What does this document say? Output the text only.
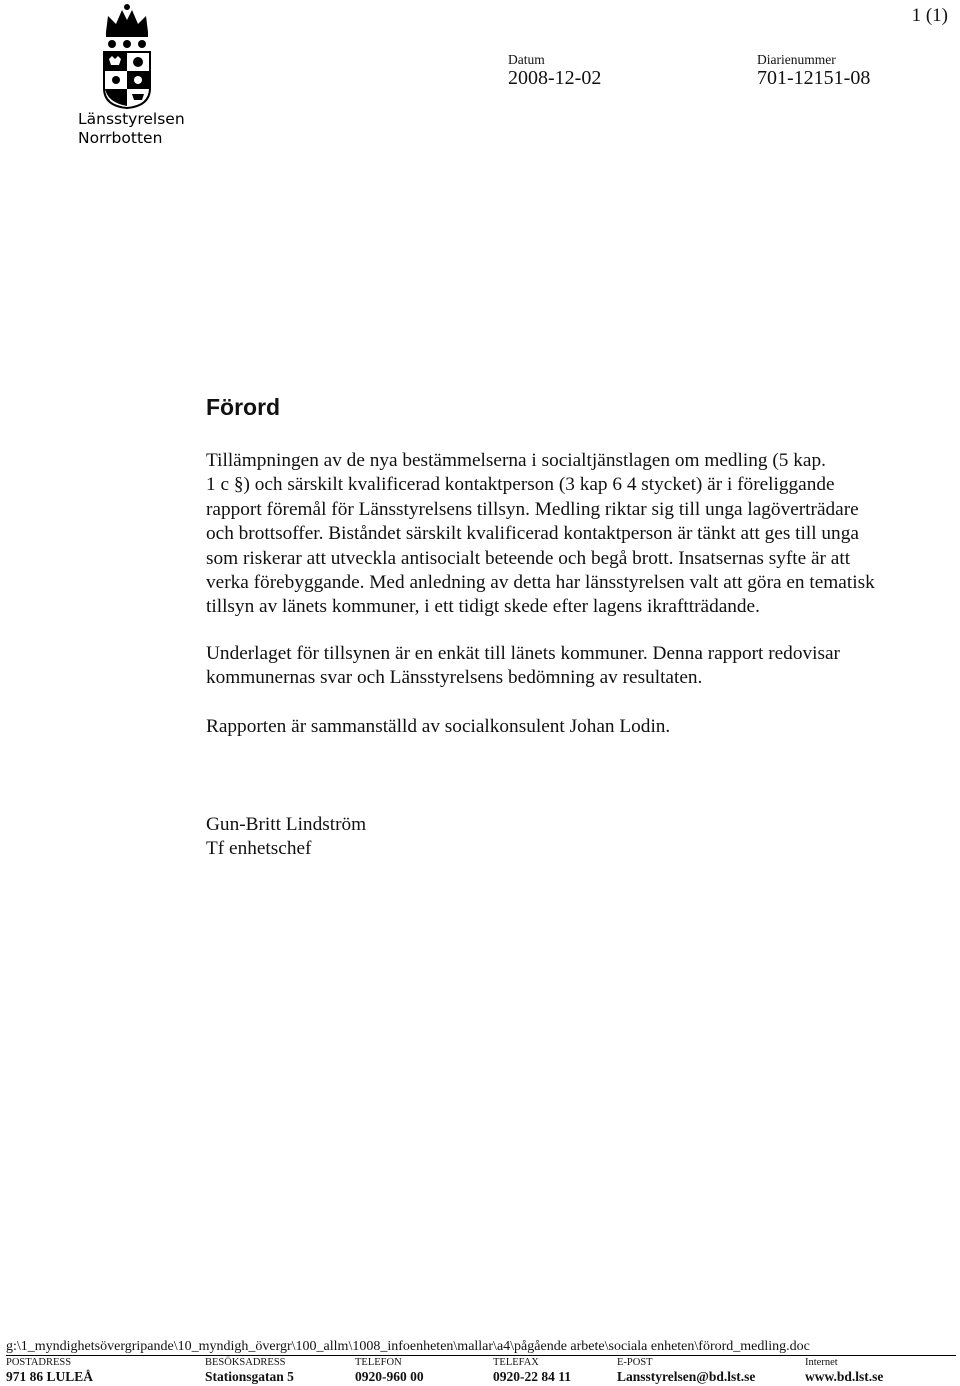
Länsstyrelsen
Norrbotten
1 (1)
Datum
2008-12-02
Diarienummer
701-12151-08
Förord

Tillämpningen av de nya bestämmelserna i socialtjänstlagen om medling (5 kap.

1 c §) och särskilt kvalificerad kontaktperson (3 kap 6 4 stycket) är i föreliggande

rapport föremål för Länsstyrelsens tillsyn. Medling riktar sig till unga lagöverträdare

och brottsoffer. Biståndet särskilt kvalificerad kontaktperson är tänkt att ges till unga

som riskerar att utveckla antisocialt beteende och begå brott. Insatsernas syfte är att

verka förebyggande. Med anledning av detta har länsstyrelsen valt att göra en tematisk

tillsyn av länets kommuner, i ett tidigt skede efter lagens ikraftträdande.

Underlaget för tillsynen är en enkät till länets kommuner. Denna rapport redovisar

kommunernas svar och Länsstyrelsens bedömning av resultaten.

Rapporten är sammanställd av socialkonsulent Johan Lodin.

Gun-Britt Lindström

Tf enhetschef

g:\1_myndighetsövergripande\10_myndigh_övergr\100_allm\1008_infoenheten\mallar\a4\pågående arbete\sociala enheten\förord_medling.doc
POSTADRESS
971 86 LULEÅ
BESÖKSADRESS
Stationsgatan 5
TELEFON
0920-960 00
TELEFAX
0920-22 84 11
E-POST
Lansstyrelsen@bd.lst.se
Internet
www.bd.lst.se
